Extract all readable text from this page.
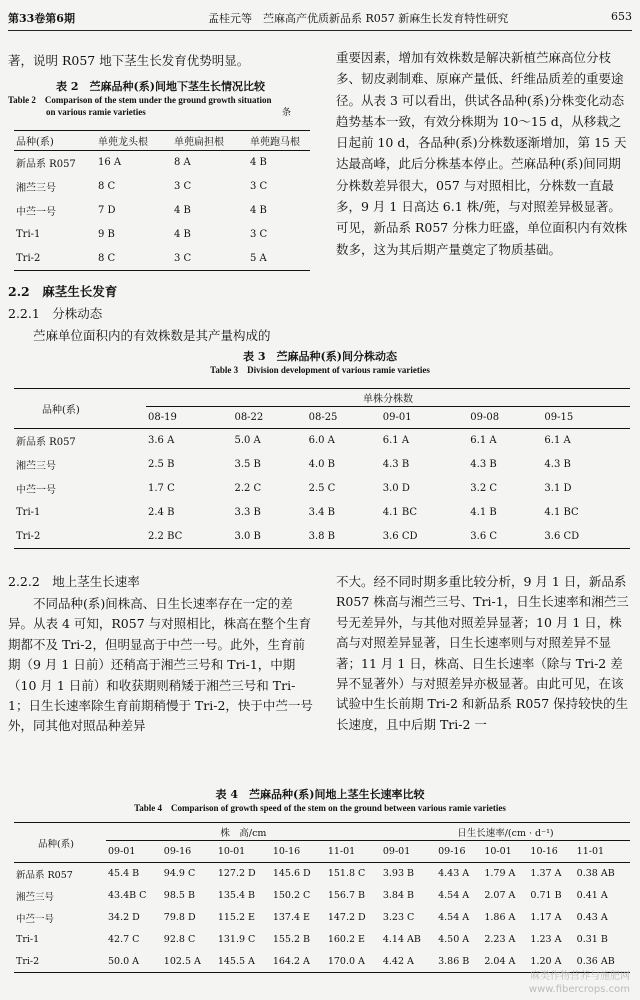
第33卷第6期	孟桂元等　苎麻高产优质新品系 R057 新麻生长发育特性研究	653
著，说明 R057 地下茎生长发育优势明显。
表 2　苎麻品种(系)间地下茎生长情况比较
Table 2　Comparison of the stem under the ground growth situation
on various ramie varieties	条
品种(系)	单蔸龙头根	单蔸扁担根	单蔸跑马根
新品系 R057	16 A	8 A	4 B
湘苎三号	8 C	3 C	3 C
中苎一号	7 D	4 B	4 B
Tri-1	9 B	4 B	3 C
Tri-2	8 C	3 C	5 A
2.2　麻茎生长发育
2.2.1　分株动态
苎麻单位面积内的有效株数是其产量构成的
重要因素，增加有效株数是解决新植苎麻高位分枝多、韧皮剥制难、原麻产量低、纤维品质差的重要途径。从表 3 可以看出，供试各品种(系)分株变化动态趋势基本一致，有效分株期为 10～15 d，从移栽之日起前 10 d，各品种(系)分株数逐渐增加，第 15 天达最高峰，此后分株基本停止。苎麻品种(系)间同期分株数差异很大，057 与对照相比，分株数一直最多，9 月 1 日高达 6.1 株/蔸，与对照差异极显著。可见，新品系 R057 分株力旺盛，单位面积内有效株数多，这为其后期产量奠定了物质基础。
表 3　苎麻品种(系)间分株动态
Table 3　Division development of various ramie varieties
品种(系)	单株分株数					
	08-19	08-22	08-25	09-01	09-08	09-15
新品系 R057	3.6 A	5.0 A	6.0 A	6.1 A	6.1 A	6.1 A
湘苎三号	2.5 B	3.5 B	4.0 B	4.3 B	4.3 B	4.3 B
中苎一号	1.7 C	2.2 C	2.5 C	3.0 D	3.2 C	3.1 D
Tri-1	2.4 B	3.3 B	3.4 B	4.1 BC	4.1 B	4.1 BC
Tri-2	2.2 BC	3.0 B	3.8 B	3.6 CD	3.6 C	3.6 CD
2.2.2　地上茎生长速率
不同品种(系)间株高、日生长速率存在一定的差异。从表 4 可知，R057 与对照相比，株高在整个生育期都不及 Tri-2，但明显高于中苎一号。此外，生育前期（9 月 1 日前）还稍高于湘苎三号和 Tri-1，中期（10 月 1 日前）和收获期则稍矮于湘苎三号和 Tri-1；日生长速率除生育前期稍慢于 Tri-2，快于中苎一号外，同其他对照品种差异
不大。经不同时期多重比较分析，9 月 1 日，新品系 R057 株高与湘苎三号、Tri-1，日生长速率和湘苎三号无差异外，与其他对照差异显著；10 月 1 日，株高与对照差异显著，日生长速率则与对照差异不显著；11 月 1 日，株高、日生长速率（除与 Tri-2 差异不显著外）与对照差异亦极显著。由此可见，在该试验中生长前期 Tri-2 和新品系 R057 保持较快的生长速度，且中后期 Tri-2 一
表 4　苎麻品种(系)间地上茎生长速率比较
Table 4　Comparison of growth speed of the stem on the ground between various ramie varieties
品种(系)	株　高/cm					日生长速率/(cm · d⁻¹)				
	09-01	09-16	10-01	10-16	11-01	09-01	09-16	10-01	10-16	11-01
新品系 R057	45.4 B	94.9 C	127.2 D	145.6 D	151.8 C	3.93 B	4.43 A	1.79 A	1.37 A	0.38 AB
湘苎三号	43.4B C	98.5 B	135.4 B	150.2 C	156.7 B	3.84 B	4.54 A	2.07 A	0.71 B	0.41 A
中苎一号	34.2 D	79.8 D	115.2 E	137.4 E	147.2 D	3.23 C	4.54 A	1.86 A	1.17 A	0.43 A
Tri-1	42.7 C	92.8 C	131.9 C	155.2 B	160.2 E	4.14 AB	4.50 A	2.23 A	1.23 A	0.31 B
Tri-2	50.0 A	102.5 A	145.5 A	164.2 A	170.0 A	4.42 A	3.86 B	2.04 A	1.20 A	0.36 AB
麻类作物营养与施肥网
www.fibercrops.com
